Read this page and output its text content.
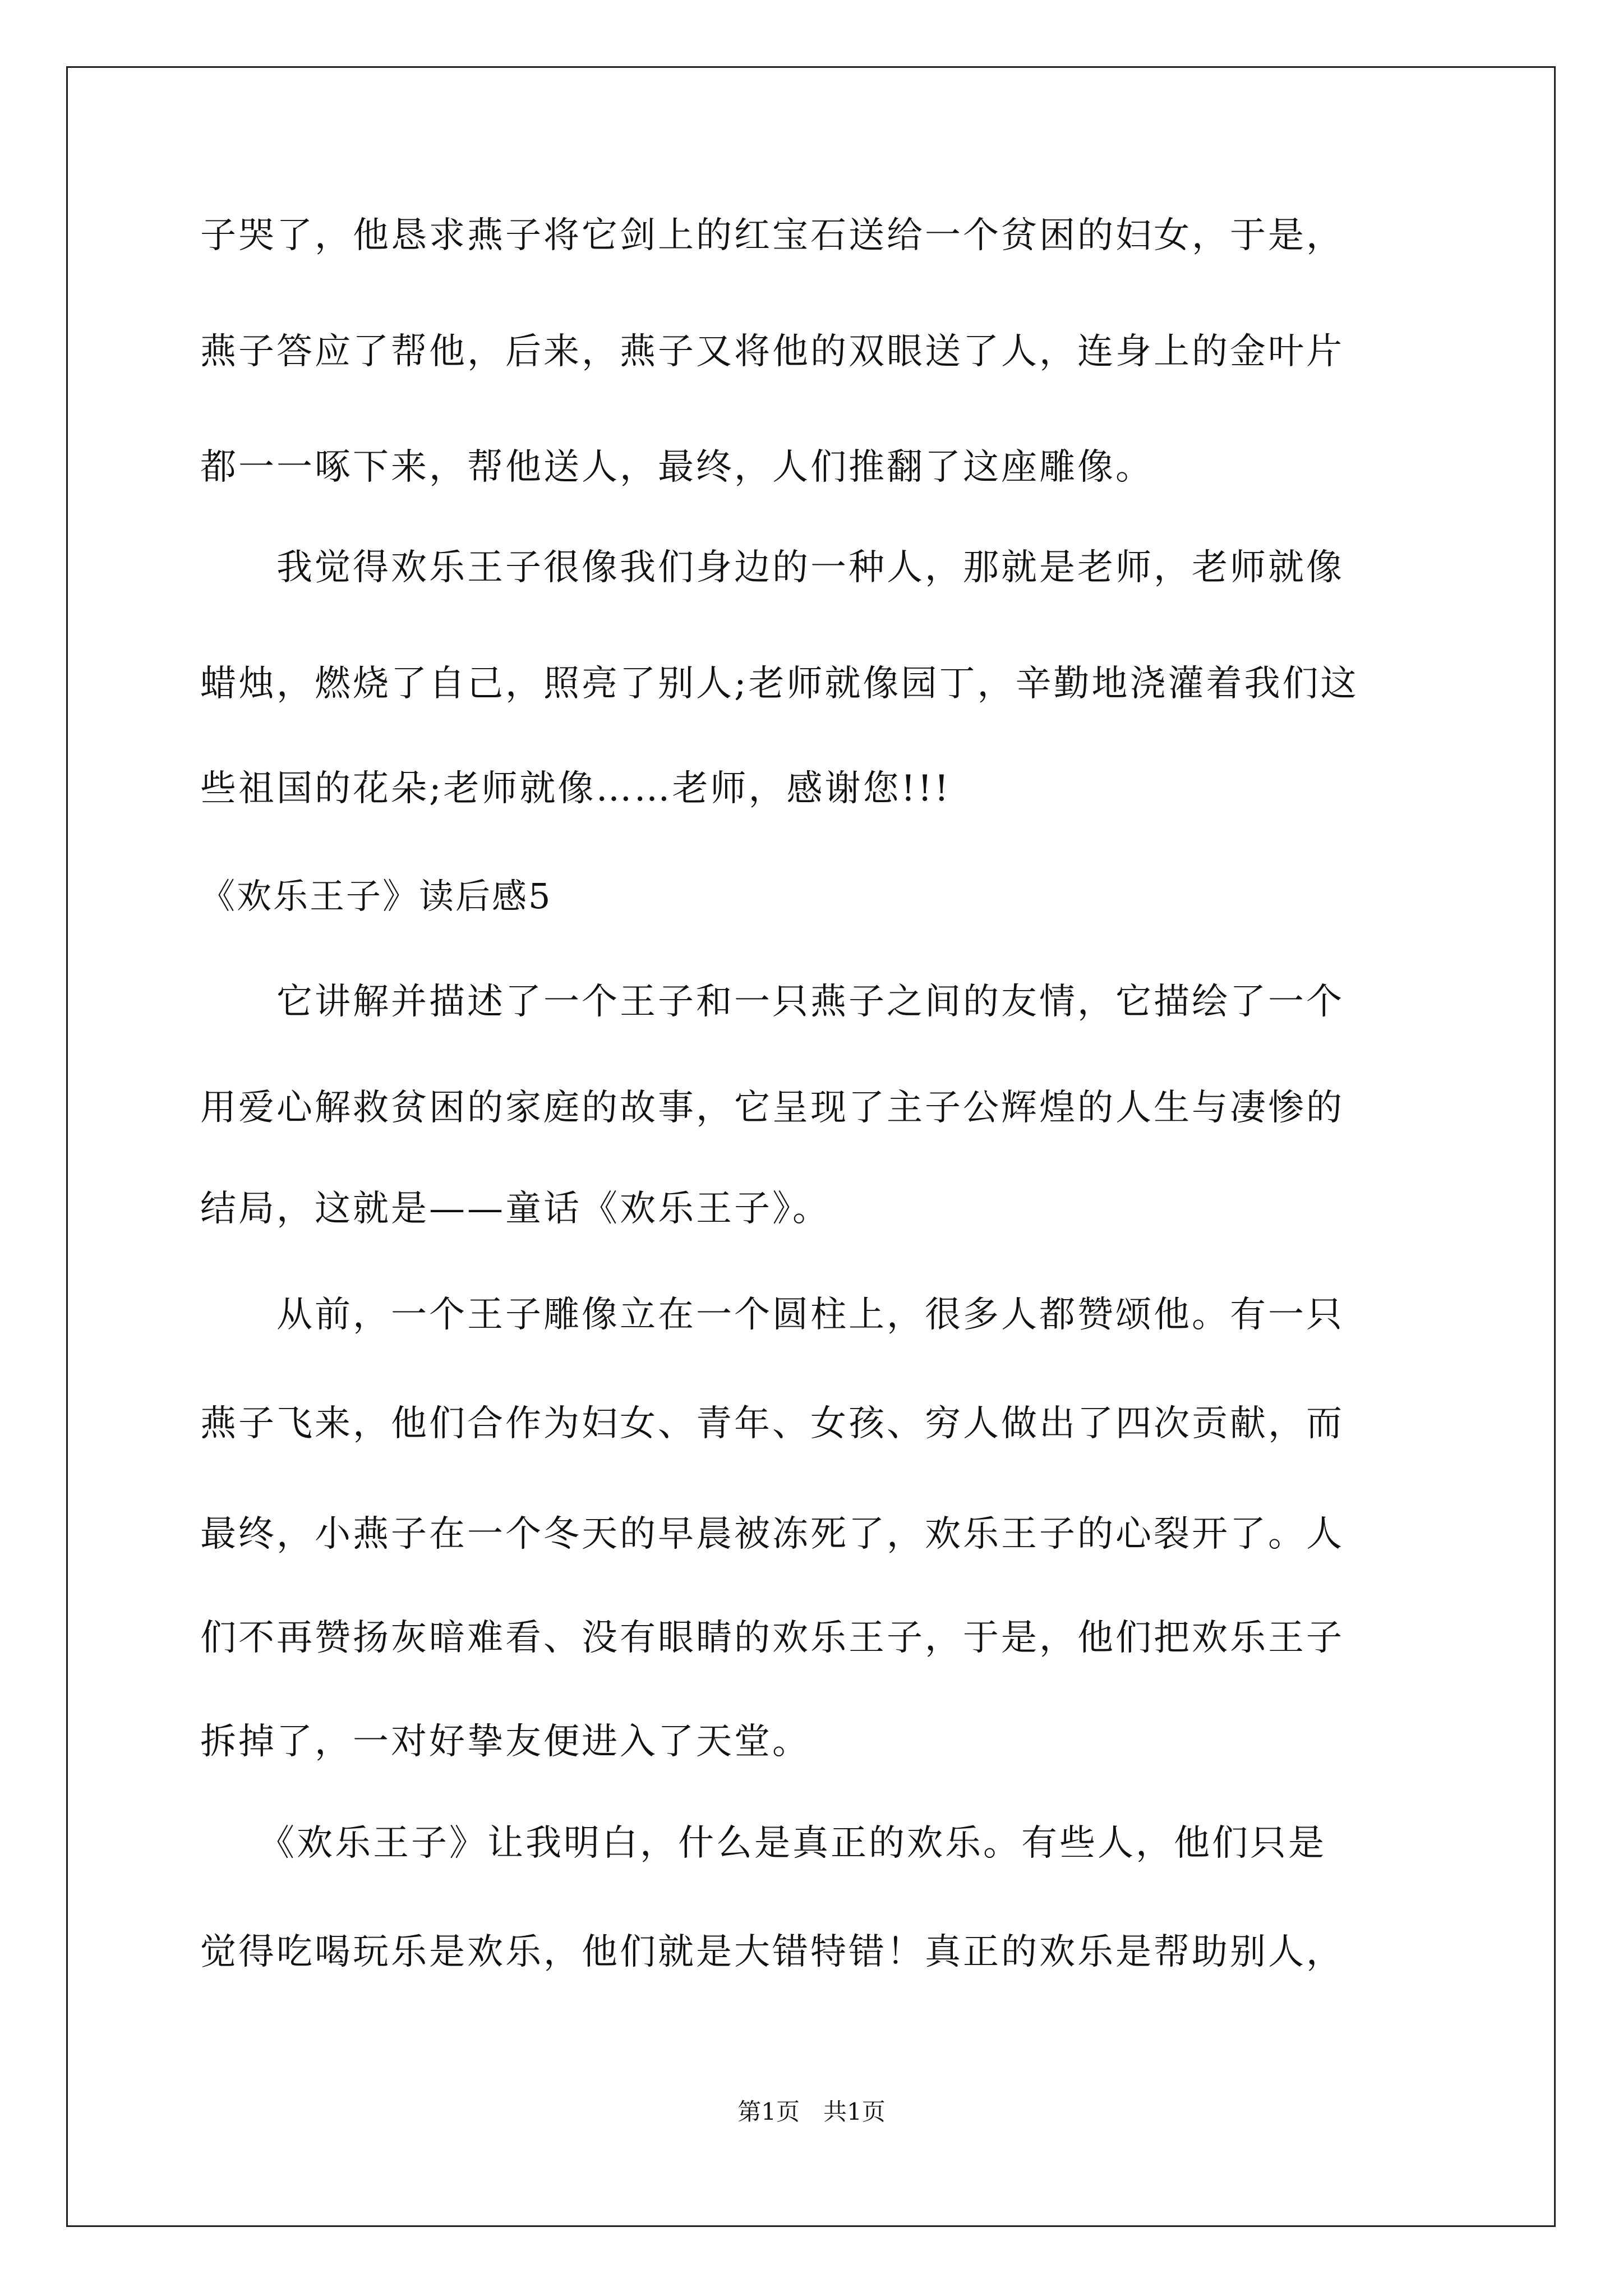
子哭了，他恳求燕子将它剑上的红宝石送给一个贫困的妇女，于是，
燕子答应了帮他，后来，燕子又将他的双眼送了人，连身上的金叶片
都一一啄下来，帮他送人，最终，人们推翻了这座雕像。
　　我觉得欢乐王子很像我们身边的一种人，那就是老师，老师就像
蜡烛，燃烧了自己，照亮了别人;老师就像园丁，辛勤地浇灌着我们这
些祖国的花朵;老师就像……老师，感谢您!!!
《欢乐王子》读后感5
　　它讲解并描述了一个王子和一只燕子之间的友情，它描绘了一个
用爱心解救贫困的家庭的故事，它呈现了主子公辉煌的人生与凄惨的
结局，这就是——童话《欢乐王子》。
　　从前，一个王子雕像立在一个圆柱上，很多人都赞颂他。有一只
燕子飞来，他们合作为妇女、青年、女孩、穷人做出了四次贡献，而
最终，小燕子在一个冬天的早晨被冻死了，欢乐王子的心裂开了。人
们不再赞扬灰暗难看、没有眼睛的欢乐王子，于是，他们把欢乐王子
拆掉了，一对好挚友便进入了天堂。
　　《欢乐王子》让我明白，什么是真正的欢乐。有些人，他们只是
觉得吃喝玩乐是欢乐，他们就是大错特错！真正的欢乐是帮助别人，
第1页　共1页
